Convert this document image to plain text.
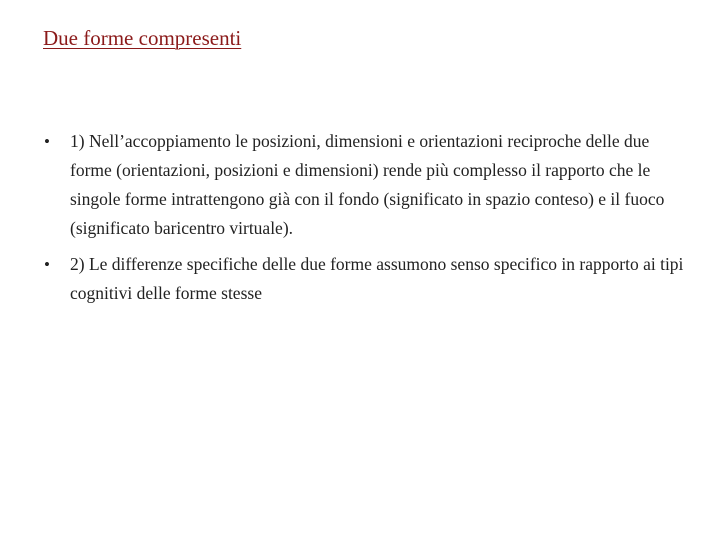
Due forme compresenti
• 1) Nell’accoppiamento le posizioni, dimensioni e orientazioni reciproche delle due forme (orientazioni, posizioni e dimensioni) rende più complesso il rapporto che le singole forme intrattengono già con il fondo (significato in spazio conteso) e il fuoco (significato baricentro virtuale).
• 2) Le differenze specifiche delle due forme assumono senso specifico in rapporto ai tipi cognitivi delle forme stesse
